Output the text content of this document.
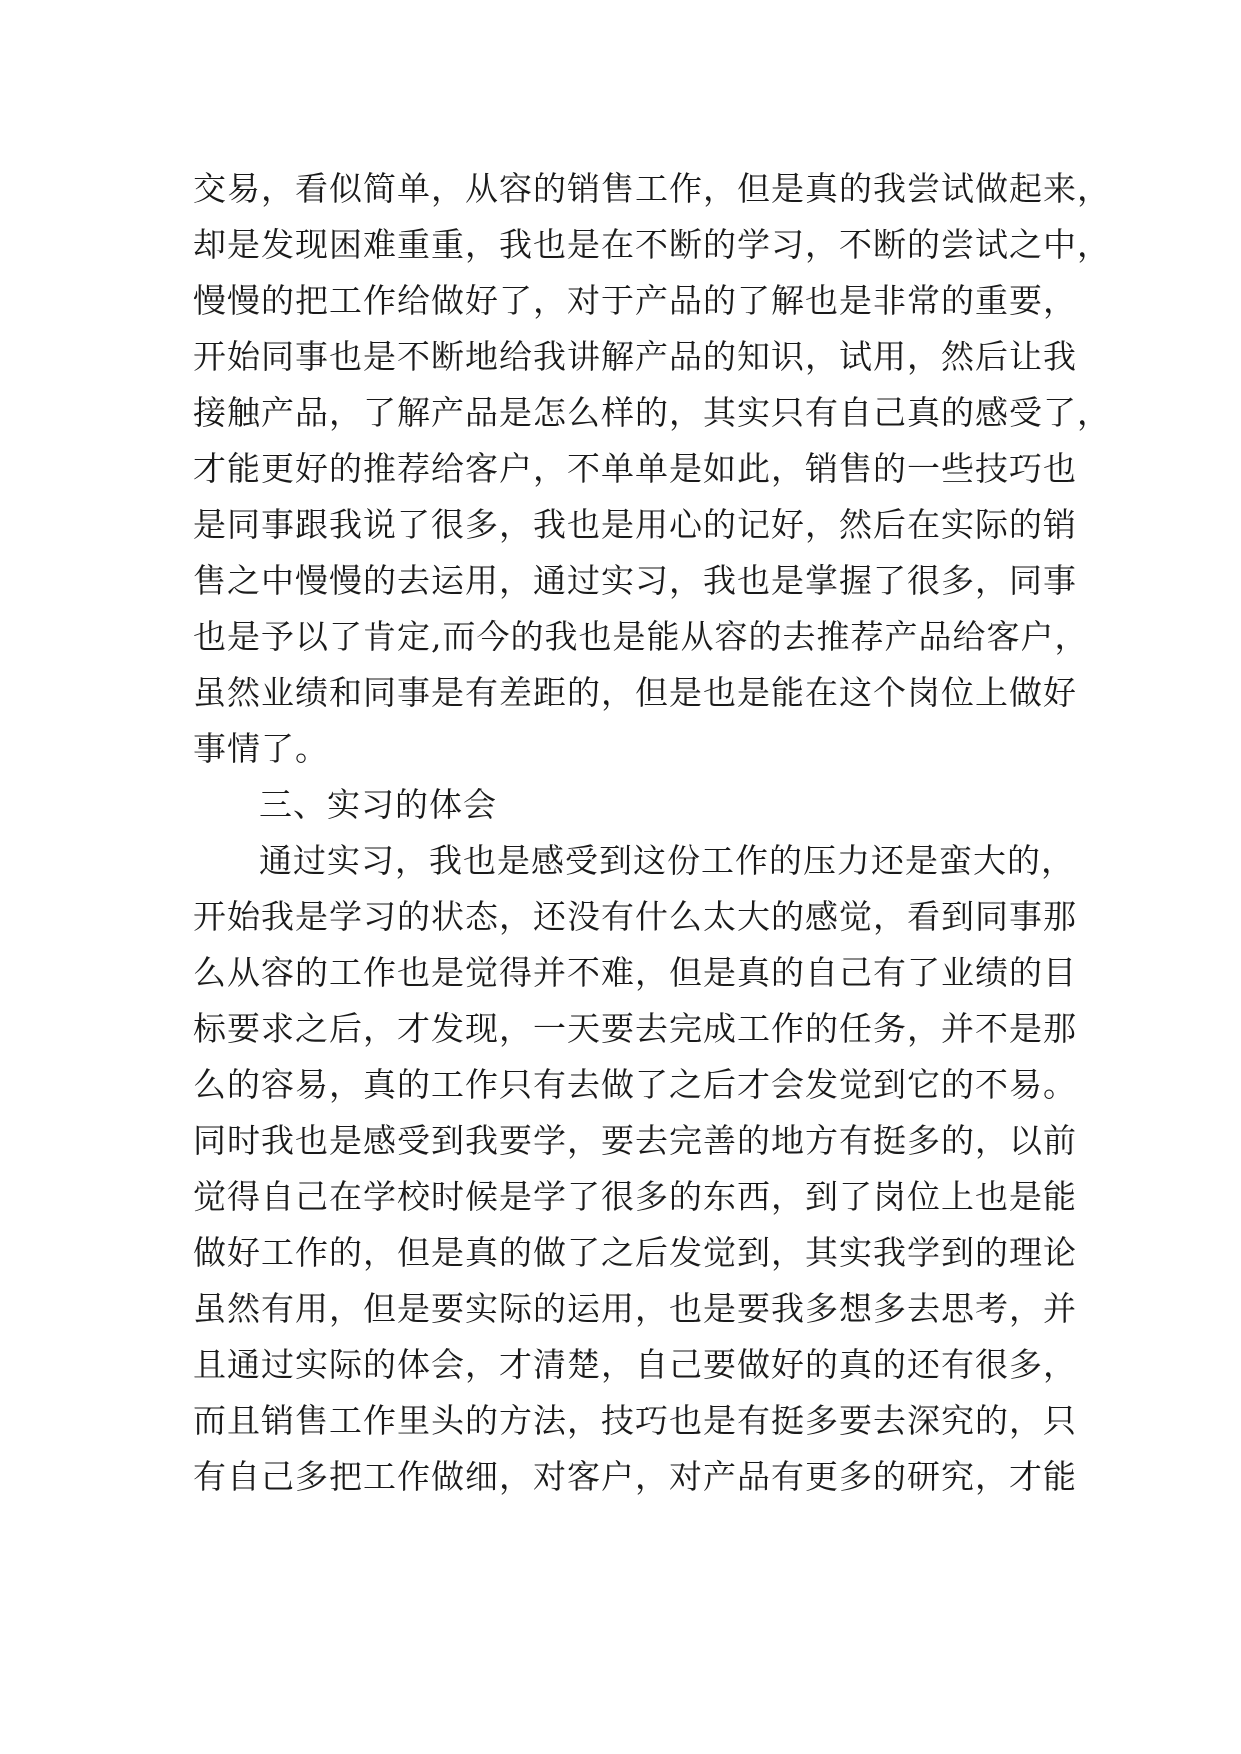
交易，看似简单，从容的销售工作，但是真的我尝试做起来，
却是发现困难重重，我也是在不断的学习，不断的尝试之中，
慢慢的把工作给做好了，对于产品的了解也是非常的重要，
开始同事也是不断地给我讲解产品的知识，试用，然后让我
接触产品，了解产品是怎么样的，其实只有自己真的感受了，
才能更好的推荐给客户，不单单是如此，销售的一些技巧也
是同事跟我说了很多，我也是用心的记好，然后在实际的销
售之中慢慢的去运用，通过实习，我也是掌握了很多，同事
也是予以了肯定,而今的我也是能从容的去推荐产品给客户，
虽然业绩和同事是有差距的，但是也是能在这个岗位上做好
事情了。
三、实习的体会
通过实习，我也是感受到这份工作的压力还是蛮大的，
开始我是学习的状态，还没有什么太大的感觉，看到同事那
么从容的工作也是觉得并不难，但是真的自己有了业绩的目
标要求之后，才发现，一天要去完成工作的任务，并不是那
么的容易，真的工作只有去做了之后才会发觉到它的不易。
同时我也是感受到我要学，要去完善的地方有挺多的，以前
觉得自己在学校时候是学了很多的东西，到了岗位上也是能
做好工作的，但是真的做了之后发觉到，其实我学到的理论
虽然有用，但是要实际的运用，也是要我多想多去思考，并
且通过实际的体会，才清楚，自己要做好的真的还有很多，
而且销售工作里头的方法，技巧也是有挺多要去深究的，只
有自己多把工作做细，对客户，对产品有更多的研究，才能
